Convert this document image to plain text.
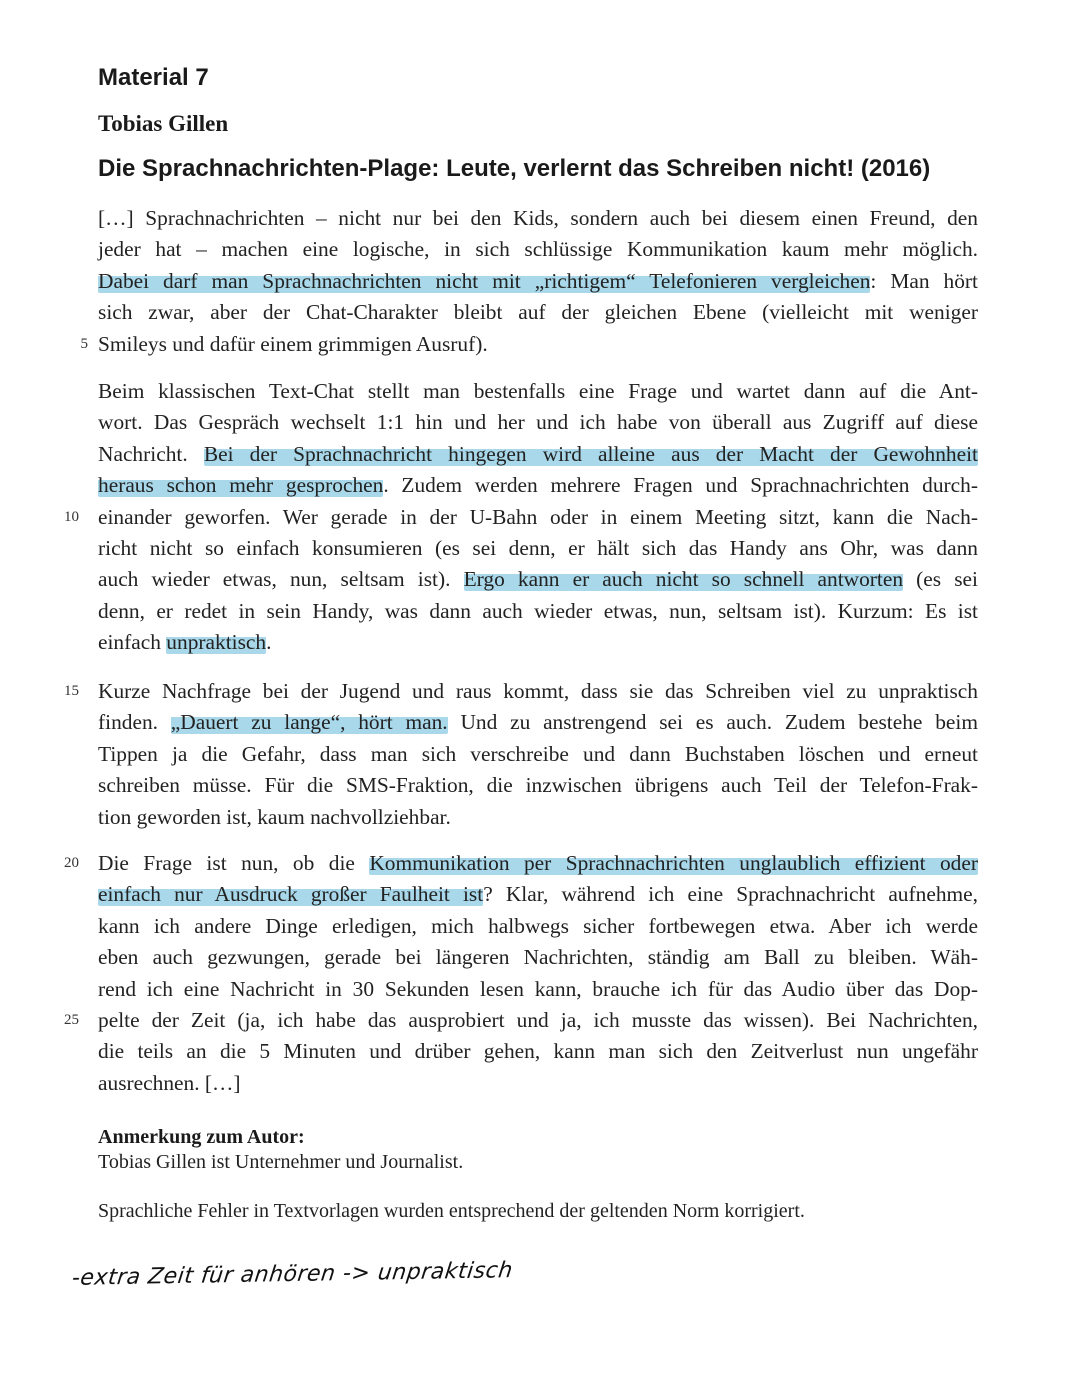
Material 7
Tobias Gillen
Die Sprachnachrichten-Plage: Leute, verlernt das Schreiben nicht! (2016)
[…] Sprachnachrichten – nicht nur bei den Kids, sondern auch bei diesem einen Freund, den
jeder hat – machen eine logische, in sich schlüssige Kommunikation kaum mehr möglich.
Dabei darf man Sprachnachrichten nicht mit „richtigem“ Telefonieren vergleichen: Man hört
sich zwar, aber der Chat-Charakter bleibt auf der gleichen Ebene (vielleicht mit weniger
5 Smileys und dafür einem grimmigen Ausruf).
Beim klassischen Text-Chat stellt man bestenfalls eine Frage und wartet dann auf die Ant-
wort. Das Gespräch wechselt 1:1 hin und her und ich habe von überall aus Zugriff auf diese
Nachricht. Bei der Sprachnachricht hingegen wird alleine aus der Macht der Gewohnheit
heraus schon mehr gesprochen. Zudem werden mehrere Fragen und Sprachnachrichten durch-
10 einander geworfen. Wer gerade in der U-Bahn oder in einem Meeting sitzt, kann die Nach-
richt nicht so einfach konsumieren (es sei denn, er hält sich das Handy ans Ohr, was dann
auch wieder etwas, nun, seltsam ist). Ergo kann er auch nicht so schnell antworten (es sei
denn, er redet in sein Handy, was dann auch wieder etwas, nun, seltsam ist). Kurzum: Es ist
einfach unpraktisch.
15 Kurze Nachfrage bei der Jugend und raus kommt, dass sie das Schreiben viel zu unpraktisch
finden. „Dauert zu lange“, hört man. Und zu anstrengend sei es auch. Zudem bestehe beim
Tippen ja die Gefahr, dass man sich verschreibe und dann Buchstaben löschen und erneut
schreiben müsse. Für die SMS-Fraktion, die inzwischen übrigens auch Teil der Telefon-Frak-
tion geworden ist, kaum nachvollziehbar.
20 Die Frage ist nun, ob die Kommunikation per Sprachnachrichten unglaublich effizient oder
einfach nur Ausdruck großer Faulheit ist? Klar, während ich eine Sprachnachricht aufnehme,
kann ich andere Dinge erledigen, mich halbwegs sicher fortbewegen etwa. Aber ich werde
eben auch gezwungen, gerade bei längeren Nachrichten, ständig am Ball zu bleiben. Wäh-
rend ich eine Nachricht in 30 Sekunden lesen kann, brauche ich für das Audio über das Dop-
25 pelte der Zeit (ja, ich habe das ausprobiert und ja, ich musste das wissen). Bei Nachrichten,
die teils an die 5 Minuten und drüber gehen, kann man sich den Zeitverlust nun ungefähr
ausrechnen. […]
Anmerkung zum Autor:
Tobias Gillen ist Unternehmer und Journalist.
Sprachliche Fehler in Textvorlagen wurden entsprechend der geltenden Norm korrigiert.
-extra Zeit für anhören -> unpraktisch
